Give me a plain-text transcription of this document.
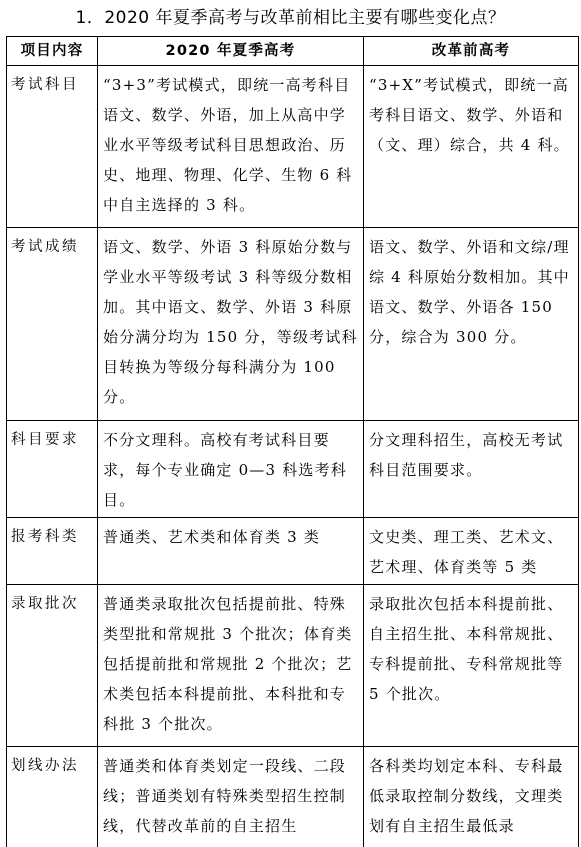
1．2020 年夏季高考与改革前相比主要有哪些变化点？
项目内容	2020 年夏季高考	改革前高考
考试科目	“3+3”考试模式，即统一高考科目语文、数学、外语，加上从高中学业水平等级考试科目思想政治、历史、地理、物理、化学、生物 6 科中自主选择的 3 科。	“3+X”考试模式，即统一高考科目语文、数学、外语和（文、理）综合，共 4 科。
考试成绩	语文、数学、外语 3 科原始分数与学业水平等级考试 3 科等级分数相加。其中语文、数学、外语 3 科原始分满分均为 150 分，等级考试科目转换为等级分每科满分为 100 分。	语文、数学、外语和文综/理综 4 科原始分数相加。其中语文、数学、外语各 150 分，综合为 300 分。
科目要求	不分文理科。高校有考试科目要求，每个专业确定 0—3 科选考科目。	分文理科招生，高校无考试科目范围要求。
报考科类	普通类、艺术类和体育类 3 类	文史类、理工类、艺术文、艺术理、体育类等 5 类
录取批次	普通类录取批次包括提前批、特殊类型批和常规批 3 个批次；体育类包括提前批和常规批 2 个批次；艺术类包括本科提前批、本科批和专科批 3 个批次。	录取批次包括本科提前批、自主招生批、本科常规批、专科提前批、专科常规批等 5 个批次。
划线办法	普通类和体育类划定一段线、二段线；普通类划有特殊类型招生控制线，代替改革前的自主招生	各科类均划定本科、专科最低录取控制分数线，文理类划有自主招生最低录
